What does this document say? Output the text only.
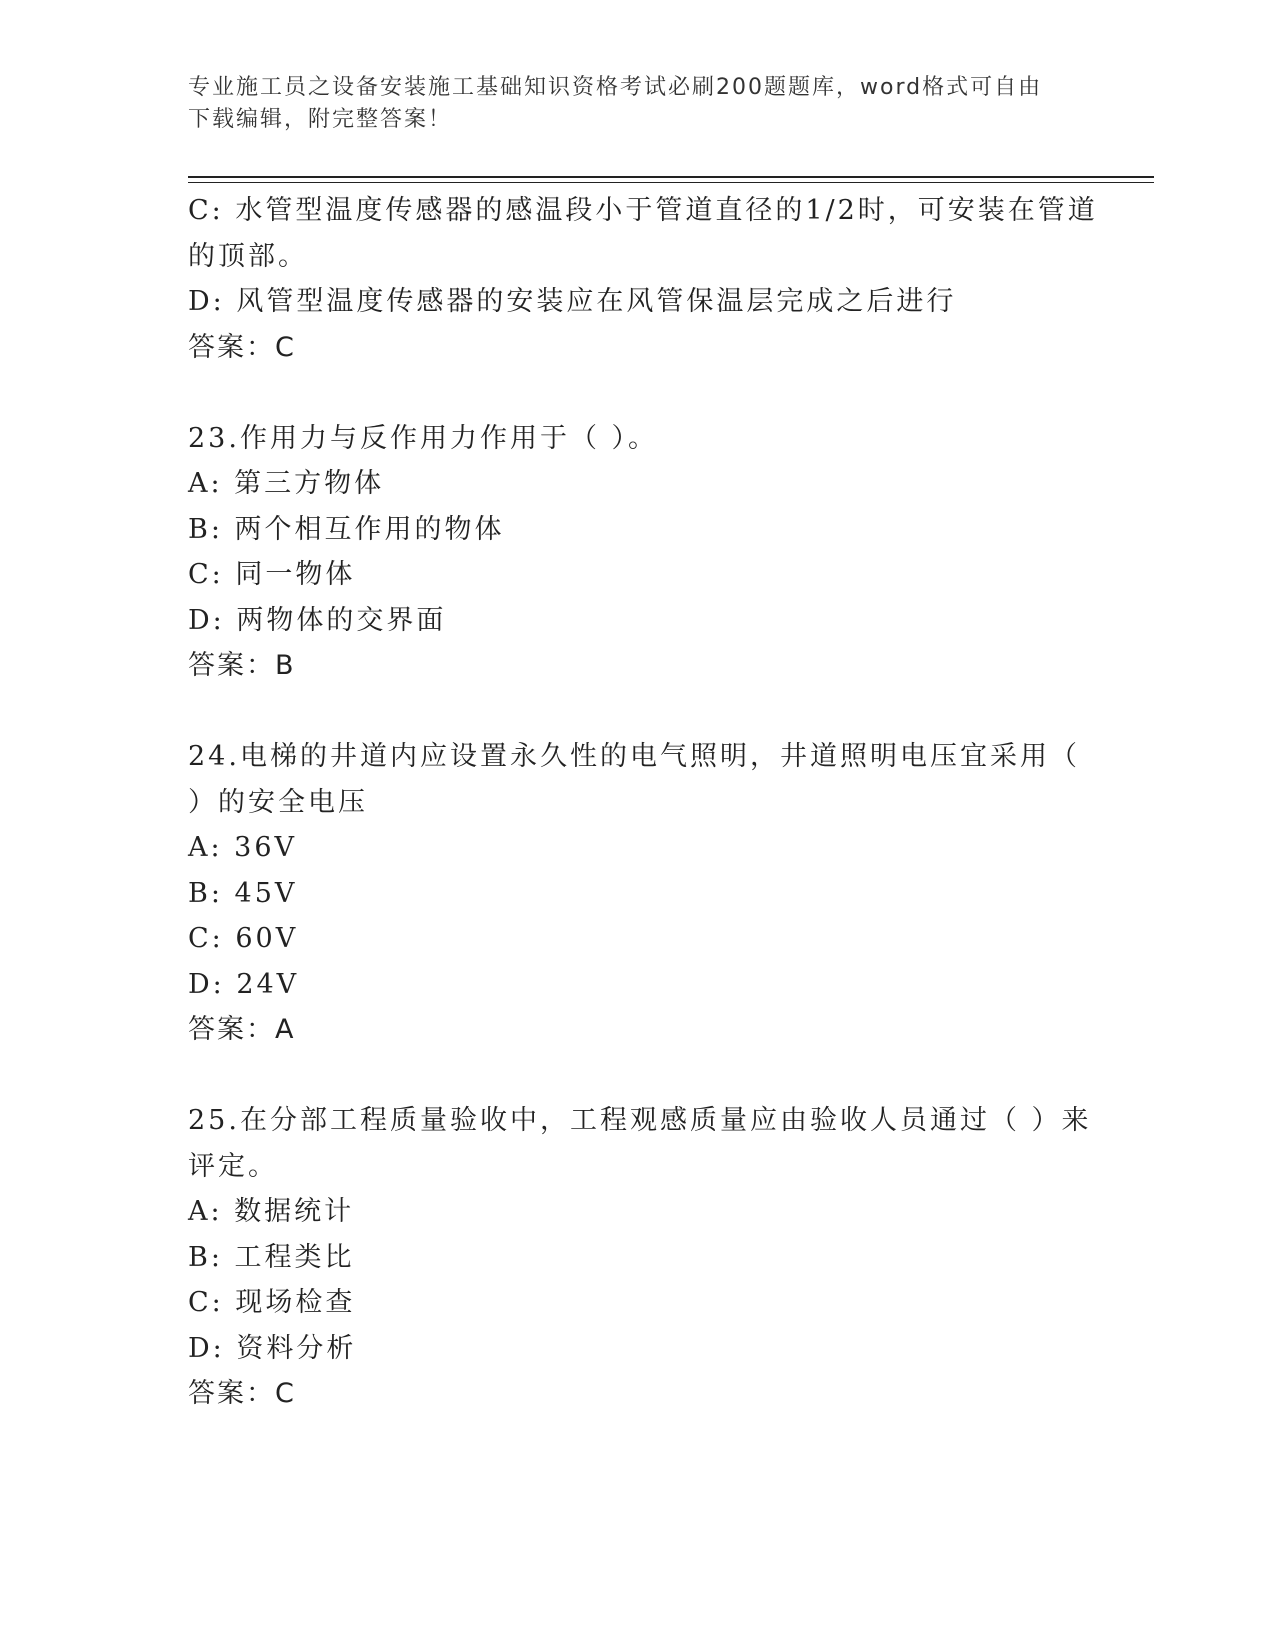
专业施工员之设备安装施工基础知识资格考试必刷200题题库，word格式可自由
下载编辑，附完整答案！
C: 水管型温度传感器的感温段小于管道直径的1/2时，可安装在管道
的顶部。
D: 风管型温度传感器的安装应在风管保温层完成之后进行
答案：C
23.作用力与反作用力作用于（ ）。
A: 第三方物体
B: 两个相互作用的物体
C: 同一物体
D: 两物体的交界面
答案：B
24.电梯的井道内应设置永久性的电气照明，井道照明电压宜采用（
）的安全电压
A: 36V
B: 45V
C: 60V
D: 24V
答案：A
25.在分部工程质量验收中，工程观感质量应由验收人员通过（ ）来
评定。
A: 数据统计
B: 工程类比
C: 现场检查
D: 资料分析
答案：C
